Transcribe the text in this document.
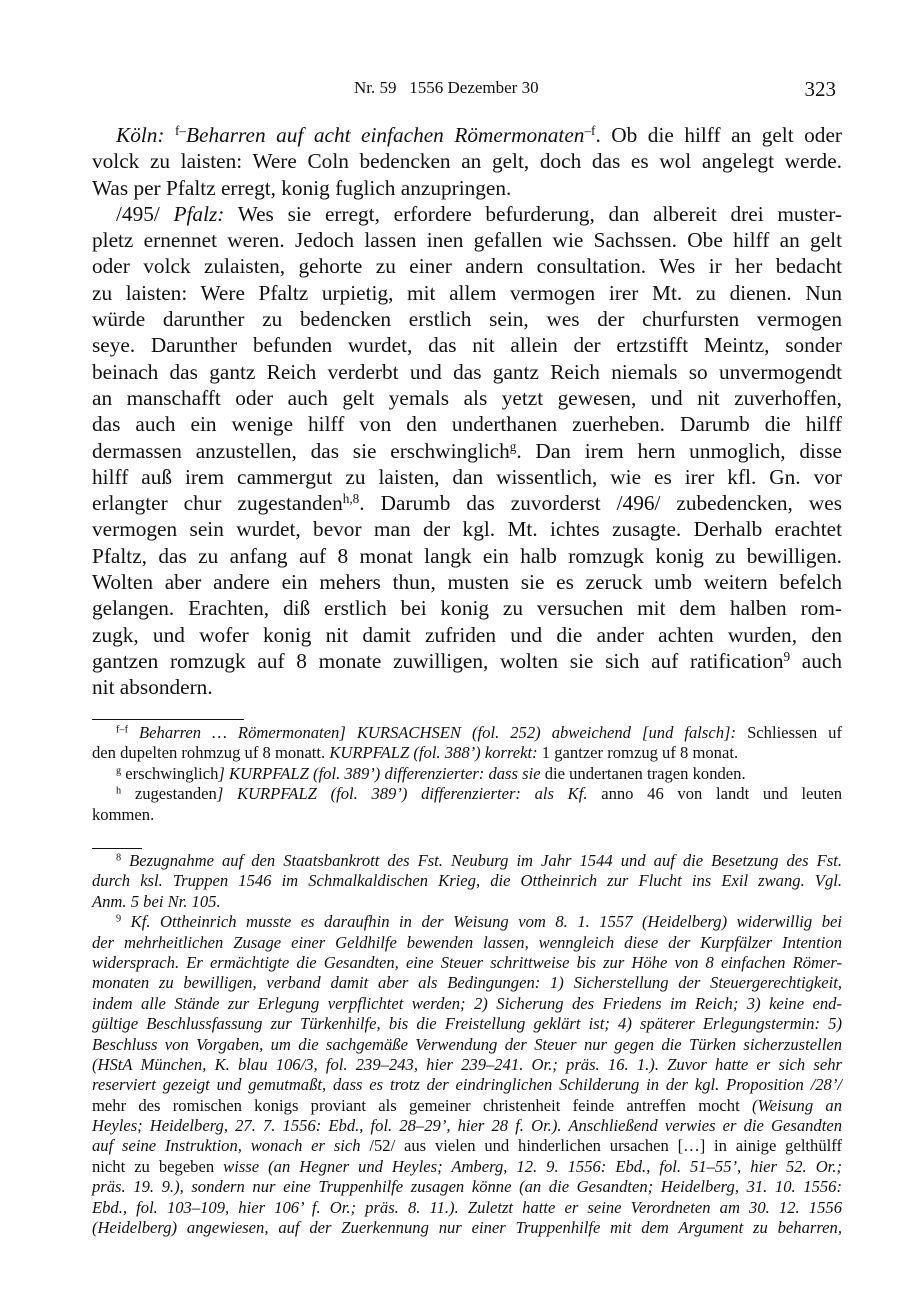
Nr. 59   1556 Dezember 30	323
Köln: $^{f-}$Beharren auf acht einfachen Römermonaten$^{-f}$. Ob die hilff an gelt oder
volck zu laisten: Were Coln bedencken an gelt, doch das es wol angelegt werde.
Was per Pfaltz erregt, konig fuglich anzupringen.
/495/ Pfalz: Wes sie erregt, erfordere befurderung, dan albereit drei muster-
pletz ernennet weren. Jedoch lassen inen gefallen wie Sachssen. Obe hilff an gelt
oder volck zulaisten, gehorte zu einer andern consultation. Wes ir her bedacht
zu laisten: Were Pfaltz urpietig, mit allem vermogen irer Mt. zu dienen. Nun
würde darunther zu bedencken erstlich sein, wes der churfursten vermogen
seye. Darunther befunden wurdet, das nit allein der ertzstifft Meintz, sonder
beinach das gantz Reich verderbt und das gantz Reich niemals so unvermogendt
an manschafft oder auch gelt yemals als yetzt gewesen, und nit zuverhoffen,
das auch ein wenige hilff von den underthanen zuerheben. Darumb die hilff
dermassen anzustellen, das sie erschwinglich$^g$. Dan irem hern unmoglich, disse
hilff auß irem cammergut zu laisten, dan wissentlich, wie es irer kfl. Gn. vor
erlangter chur zugestanden$^{h,8}$. Darumb das zuvorderst /496/ zubedencken, wes
vermogen sein wurdet, bevor man der kgl. Mt. ichtes zusagte. Derhalb erachtet
Pfaltz, das zu anfang auf 8 monat langk ein halb romzugk konig zu bewilligen.
Wolten aber andere ein mehers thun, musten sie es zeruck umb weitern befelch
gelangen. Erachten, diß erstlich bei konig zu versuchen mit dem halben rom-
zugk, und wofer konig nit damit zufriden und die ander achten wurden, den
gantzen romzugk auf 8 monate zuwilligen, wolten sie sich auf ratification$^9$ auch
nit absondern.
$^{f-f}$ Beharren … Römermonaten] KURSACHSEN (fol. 252) abweichend [und falsch]: Schliessen uf
den dupelten rohmzug uf 8 monatt. KURPFALZ (fol. 388’) korrekt: 1 gantzer romzug uf 8 monat.
$^g$ erschwinglich] KURPFALZ (fol. 389’) differenzierter: dass sie die undertanen tragen konden.
$^h$ zugestanden] KURPFALZ (fol. 389’) differenzierter: als Kf. anno 46 von landt und leuten
kommen.
$^8$ Bezugnahme auf den Staatsbankrott des Fst. Neuburg im Jahr 1544 und auf die Besetzung des Fst.
durch ksl. Truppen 1546 im Schmalkaldischen Krieg, die Ottheinrich zur Flucht ins Exil zwang. Vgl.
Anm. 5 bei Nr. 105.
$^9$ Kf. Ottheinrich musste es daraufhin in der Weisung vom 8. 1. 1557 (Heidelberg) widerwillig bei
der mehrheitlichen Zusage einer Geldhilfe bewenden lassen, wenngleich diese der Kurpfälzer Intention
widersprach. Er ermächtigte die Gesandten, eine Steuer schrittweise bis zur Höhe von 8 einfachen Römer-
monaten zu bewilligen, verband damit aber als Bedingungen: 1) Sicherstellung der Steuergerechtigkeit,
indem alle Stände zur Erlegung verpflichtet werden; 2) Sicherung des Friedens im Reich; 3) keine end-
gültige Beschlussfassung zur Türkenhilfe, bis die Freistellung geklärt ist; 4) späterer Erlegungstermin: 5)
Beschluss von Vorgaben, um die sachgemäße Verwendung der Steuer nur gegen die Türken sicherzustellen
(HStA München, K. blau 106/3, fol. 239–243, hier 239–241. Or.; präs. 16. 1.). Zuvor hatte er sich sehr
reserviert gezeigt und gemutmaßt, dass es trotz der eindringlichen Schilderung in der kgl. Proposition /28’/
mehr des romischen konigs proviant als gemeiner christenheit feinde antreffen mocht (Weisung an
Heyles; Heidelberg, 27. 7. 1556: Ebd., fol. 28–29’, hier 28 f. Or.). Anschließend verwies er die Gesandten
auf seine Instruktion, wonach er sich /52/ aus vielen und hinderlichen ursachen […] in ainige gelthülff
nicht zu begeben wisse (an Hegner und Heyles; Amberg, 12. 9. 1556: Ebd., fol. 51–55’, hier 52. Or.;
präs. 19. 9.), sondern nur eine Truppenhilfe zusagen könne (an die Gesandten; Heidelberg, 31. 10. 1556:
Ebd., fol. 103–109, hier 106’ f. Or.; präs. 8. 11.). Zuletzt hatte er seine Verordneten am 30. 12. 1556
(Heidelberg) angewiesen, auf der Zuerkennung nur einer Truppenhilfe mit dem Argument zu beharren,
